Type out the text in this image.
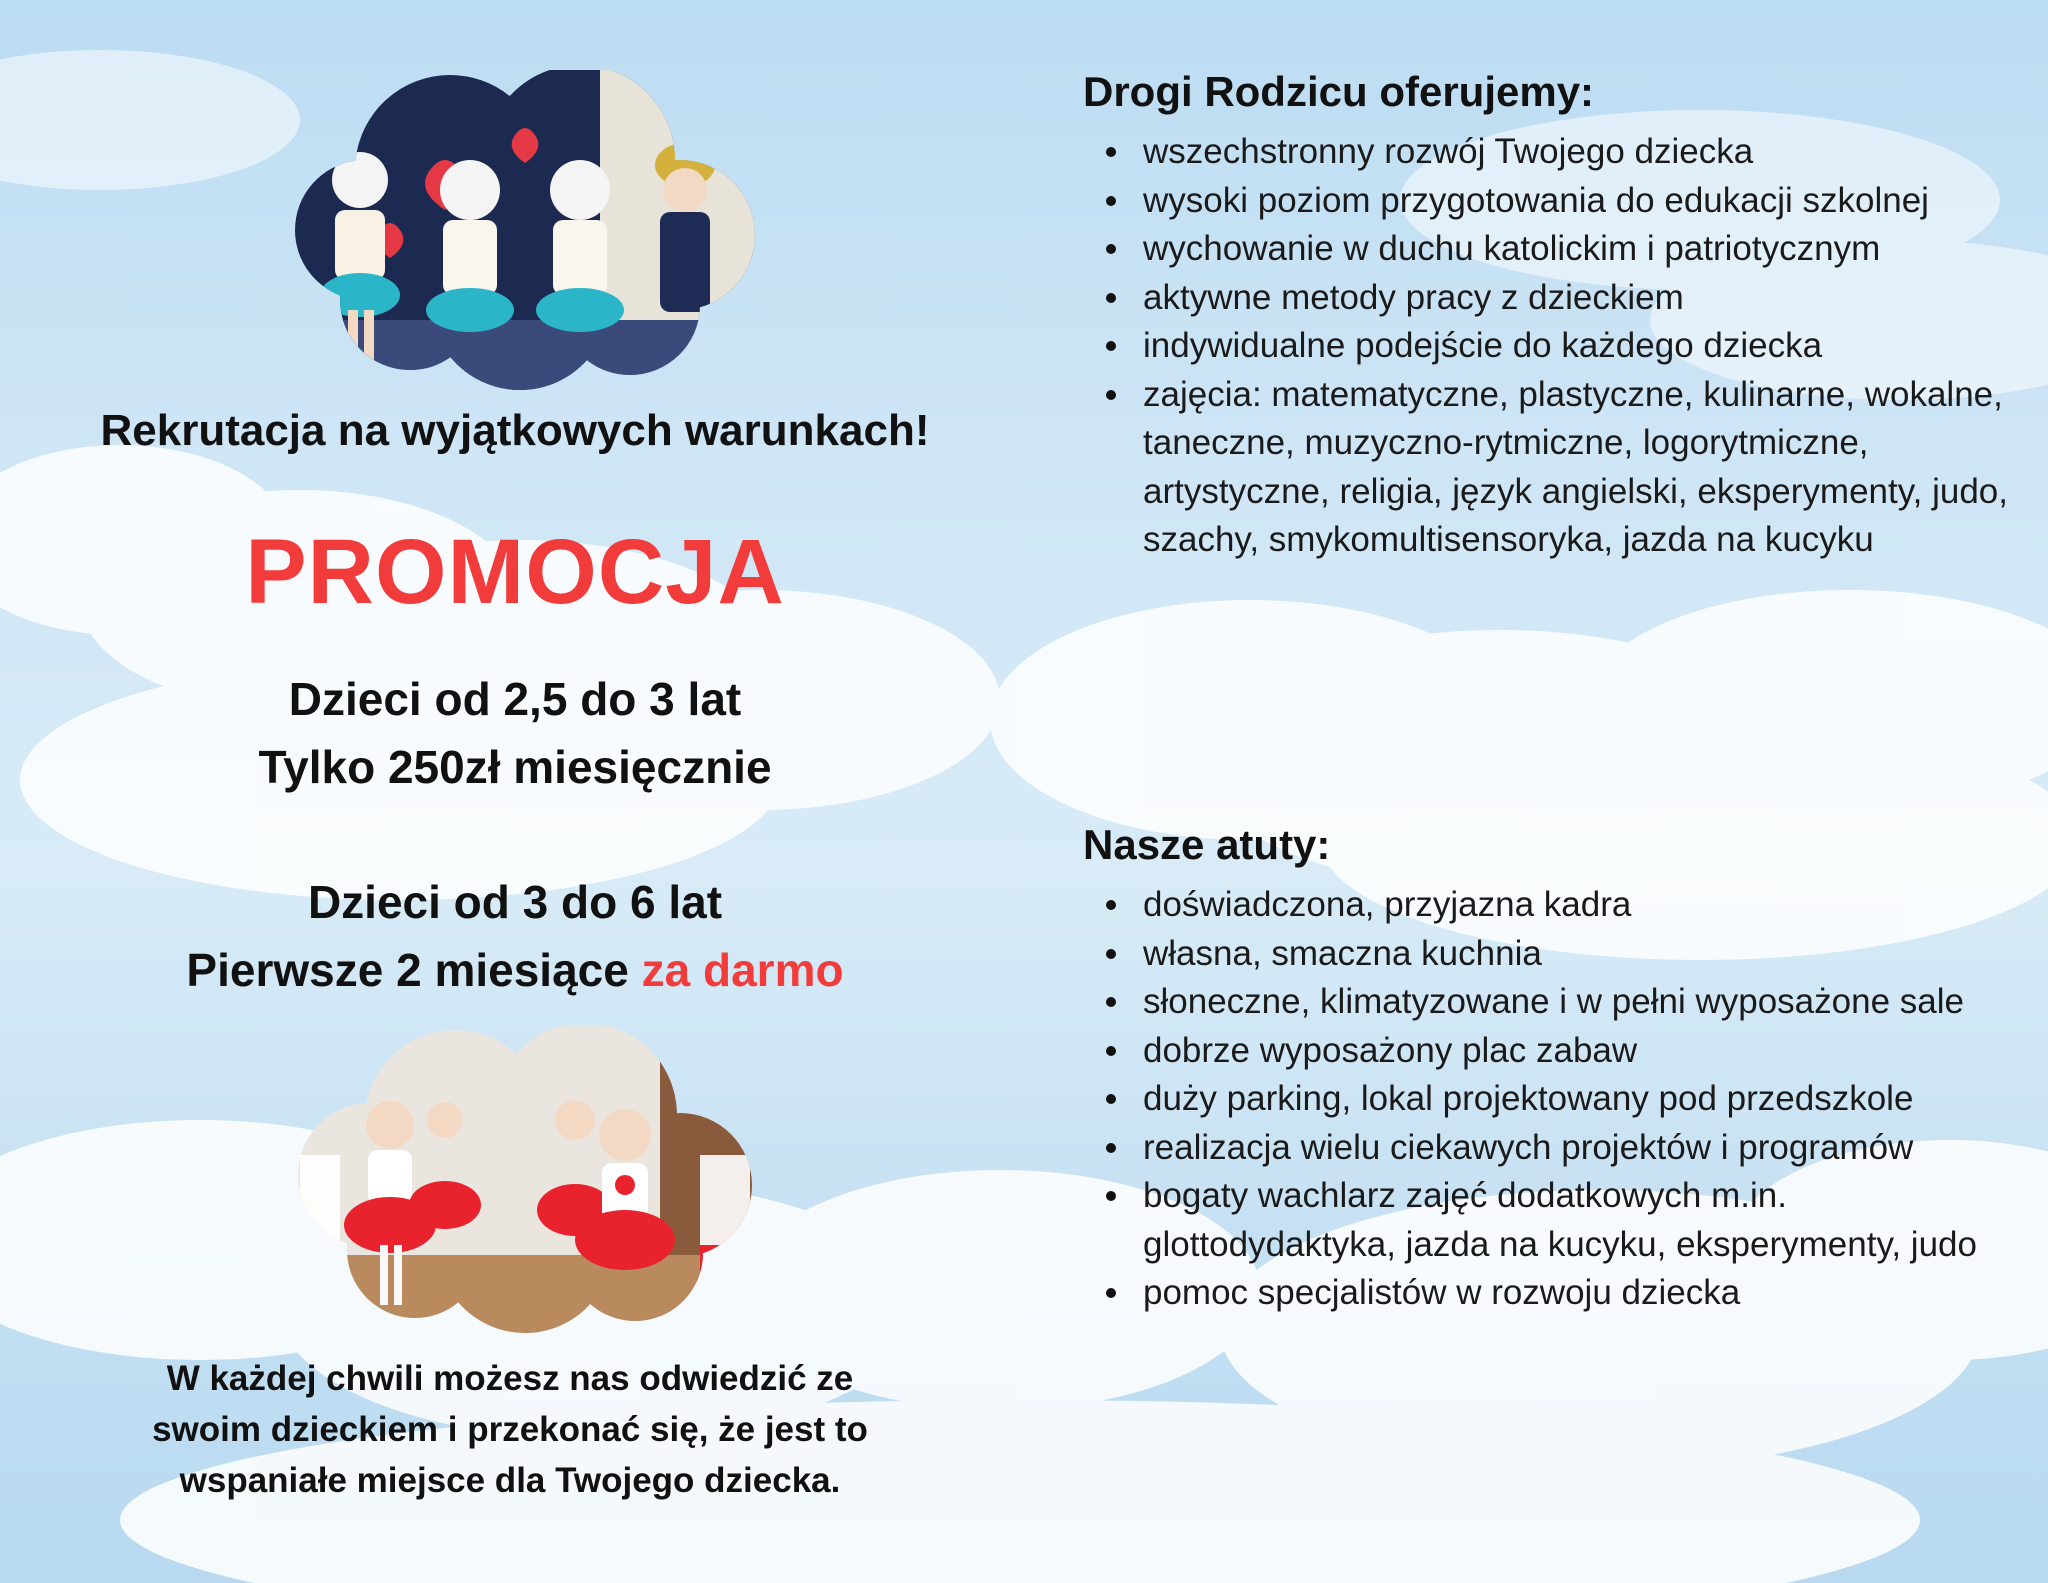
Rekrutacja na wyjątkowych warunkach!
PROMOCJA
Dzieci od 2,5 do 3 lat
Tylko 250zł miesięcznie
Dzieci od 3 do 6 lat
Pierwsze 2 miesiące za darmo
W każdej chwili możesz nas odwiedzić ze swoim dzieckiem i przekonać się, że jest to wspaniałe miejsce dla Twojego dziecka.
Drogi Rodzicu oferujemy:
wszechstronny rozwój Twojego dziecka
wysoki poziom przygotowania do edukacji szkolnej
wychowanie w duchu katolickim i patriotycznym
aktywne metody pracy z dzieckiem
indywidualne podejście do każdego dziecka
zajęcia: matematyczne, plastyczne, kulinarne, wokalne, taneczne, muzyczno-rytmiczne, logorytmiczne, artystyczne, religia, język angielski, eksperymenty, judo, szachy, smykomultisensoryka, jazda na kucyku
Nasze atuty:
doświadczona, przyjazna kadra
własna, smaczna kuchnia
słoneczne, klimatyzowane i w pełni wyposażone sale
dobrze wyposażony plac zabaw
duży parking, lokal projektowany pod przedszkole
realizacja wielu ciekawych projektów i programów
bogaty wachlarz zajęć dodatkowych m.in. glottodydaktyka, jazda na kucyku, eksperymenty, judo
pomoc specjalistów w rozwoju dziecka
